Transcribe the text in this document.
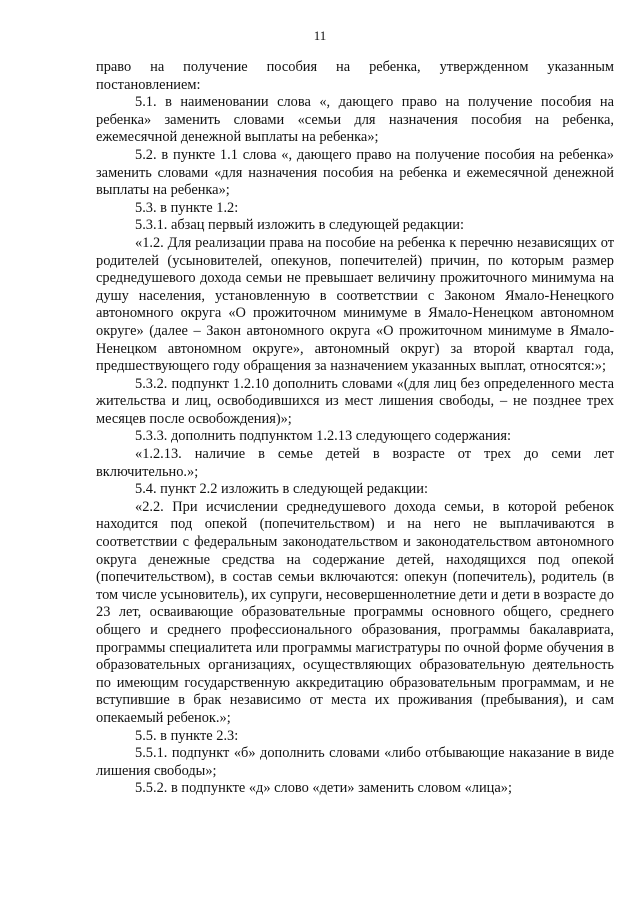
11

право на получение пособия на ребенка, утвержденном указанным постановлением:

5.1. в наименовании слова «, дающего право на получение пособия на ребенка» заменить словами «семьи для назначения пособия на ребенка, ежемесячной денежной выплаты на ребенка»;

5.2. в пункте 1.1 слова «, дающего право на получение пособия на ребенка» заменить словами «для назначения пособия на ребенка и ежемесячной денежной выплаты на ребенка»;

5.3. в пункте 1.2:

5.3.1. абзац первый изложить в следующей редакции:

«1.2. Для реализации права на пособие на ребенка к перечню независящих от родителей (усыновителей, опекунов, попечителей) причин, по которым размер среднедушевого дохода семьи не превышает величину прожиточного минимума на душу населения, установленную в соответствии с Законом Ямало-Ненецкого автономного округа «О прожиточном минимуме в Ямало-Ненецком автономном округе» (далее – Закон автономного округа «О прожиточном минимуме в Ямало-Ненецком автономном округе», автономный округ) за второй квартал года, предшествующего году обращения за назначением указанных выплат, относятся:»;

5.3.2. подпункт 1.2.10 дополнить словами «(для лиц без определенного места жительства и лиц, освободившихся из мест лишения свободы, – не позднее трех месяцев после освобождения)»;

5.3.3. дополнить подпунктом 1.2.13 следующего содержания:

«1.2.13. наличие в семье детей в возрасте от трех до семи лет включительно.»;

5.4. пункт 2.2 изложить в следующей редакции:

«2.2. При исчислении среднедушевого дохода семьи, в которой ребенок находится под опекой (попечительством) и на него не выплачиваются в соответствии с федеральным законодательством и законодательством автономного округа денежные средства на содержание детей, находящихся под опекой (попечительством), в состав семьи включаются: опекун (попечитель), родитель (в том числе усыновитель), их супруги, несовершеннолетние дети и дети в возрасте до 23 лет, осваивающие образовательные программы основного общего, среднего общего и среднего профессионального образования, программы бакалавриата, программы специалитета или программы магистратуры по очной форме обучения в образовательных организациях, осуществляющих образовательную деятельность по имеющим государственную аккредитацию образовательным программам, и не вступившие в брак независимо от места их проживания (пребывания), и сам опекаемый ребенок.»;

5.5. в пункте 2.3:

5.5.1. подпункт «б» дополнить словами «либо отбывающие наказание в виде лишения свободы»;

5.5.2. в подпункте «д» слово «дети» заменить словом «лица»;
